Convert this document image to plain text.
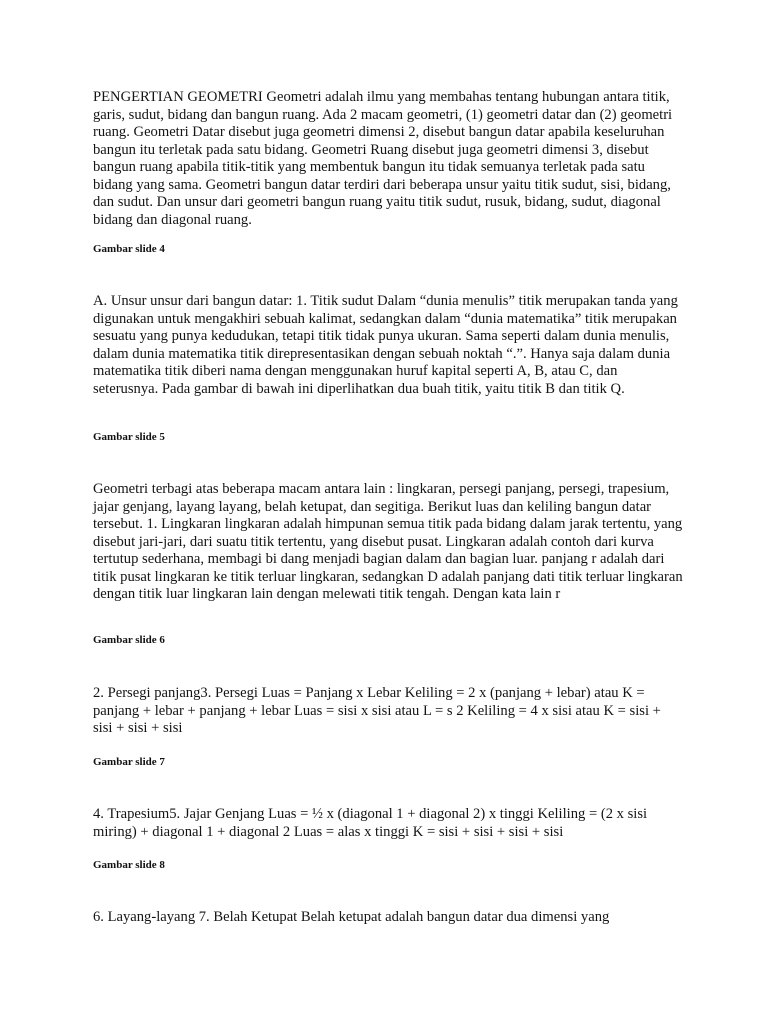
PENGERTIAN GEOMETRI Geometri adalah ilmu yang membahas tentang hubungan antara titik, garis, sudut, bidang dan bangun ruang. Ada 2 macam geometri, (1) geometri datar dan (2) geometri ruang. Geometri Datar disebut juga geometri dimensi 2, disebut bangun datar apabila keseluruhan bangun itu terletak pada satu bidang. Geometri Ruang disebut juga geometri dimensi 3, disebut bangun ruang apabila titik-titik yang membentuk bangun itu tidak semuanya terletak pada satu bidang yang sama. Geometri bangun datar terdiri dari beberapa unsur yaitu titik sudut, sisi, bidang, dan sudut. Dan unsur dari geometri bangun ruang yaitu titik sudut, rusuk, bidang, sudut, diagonal bidang dan diagonal ruang.

Gambar slide 4

A. Unsur unsur dari bangun datar: 1. Titik sudut Dalam “dunia menulis” titik merupakan tanda yang digunakan untuk mengakhiri sebuah kalimat, sedangkan dalam “dunia matematika” titik merupakan sesuatu yang punya kedudukan, tetapi titik tidak punya ukuran. Sama seperti dalam dunia menulis, dalam dunia matematika titik direpresentasikan dengan sebuah noktah “.”. Hanya saja dalam dunia matematika titik diberi nama dengan menggunakan huruf kapital seperti A, B, atau C, dan seterusnya. Pada gambar di bawah ini diperlihatkan dua buah titik, yaitu titik B dan titik Q.

Gambar slide 5

Geometri terbagi atas beberapa macam antara lain : lingkaran, persegi panjang, persegi, trapesium, jajar genjang, layang layang, belah ketupat, dan segitiga. Berikut luas dan keliling bangun datar tersebut. 1. Lingkaran lingkaran adalah himpunan semua titik pada bidang dalam jarak tertentu, yang disebut jari-jari, dari suatu titik tertentu, yang disebut pusat. Lingkaran adalah contoh dari kurva tertutup sederhana, membagi bi dang menjadi bagian dalam dan bagian luar. panjang r adalah dari titik pusat lingkaran ke titik terluar lingkaran, sedangkan D adalah panjang dati titik terluar lingkaran dengan titik luar lingkaran lain dengan melewati titik tengah. Dengan kata lain r

Gambar slide 6

2. Persegi panjang3. Persegi Luas = Panjang x Lebar Keliling = 2 x (panjang + lebar) atau K = panjang + lebar + panjang + lebar Luas = sisi x sisi atau L = s 2 Keliling = 4 x sisi atau K = sisi + sisi + sisi + sisi

Gambar slide 7

4. Trapesium5. Jajar Genjang Luas = ½ x (diagonal 1 + diagonal 2) x tinggi Keliling = (2 x sisi miring) + diagonal 1 + diagonal 2 Luas = alas x tinggi K = sisi + sisi + sisi + sisi

Gambar slide 8

6. Layang-layang 7. Belah Ketupat Belah ketupat adalah bangun datar dua dimensi yang
